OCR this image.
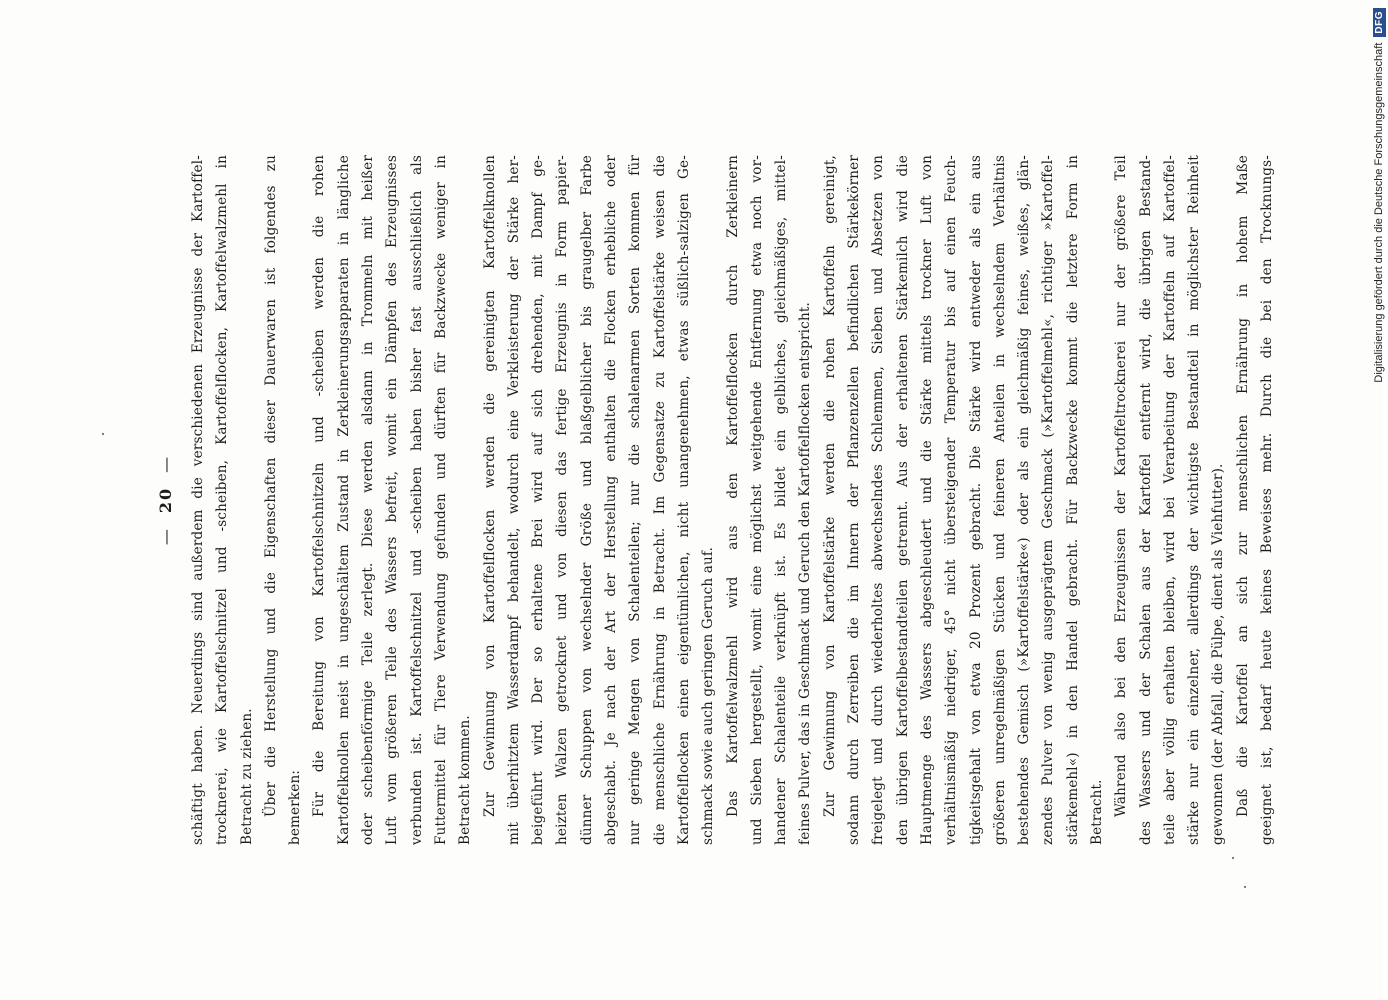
—
20
— schäftigt haben. Neuerdings sind außerdem die verschiedenen Erzeugnisse der Kartoffel- trocknerei, wie Kartoffelschnitzel und -scheiben, Kartoffelflocken, Kartoffelwalzmehl in Betracht zu ziehen. Über die Herstellung und die Eigenschaften dieser Dauerwaren ist folgendes zu bemerken: Für die Bereitung von Kartoffelschnitzeln und -scheiben werden die rohen Kartoffelknollen meist in ungeschältem Zustand in Zerkleinerungsapparaten in längliche oder scheibenförmige Teile zerlegt. Diese werden alsdann in Trommeln mit heißer Luft vom größeren Teile des Wassers befreit, womit ein Dämpfen des Erzeugnisses verbunden ist. Kartoffelschnitzel und -scheiben haben bisher fast ausschließlich als Futtermittel für Tiere Verwendung gefunden und dürften für Backzwecke weniger in Betracht kommen. Zur Gewinnung von Kartoffelflocken werden die gereinigten Kartoffelknollen mit überhitztem Wasserdampf behandelt, wodurch eine Verkleisterung der Stärke her- beigeführt wird. Der so erhaltene Brei wird auf sich drehenden, mit Dampf ge- heizten Walzen getrocknet und von diesen das fertige Erzeugnis in Form papier- dünner Schuppen von wechselnder Größe und blaßgelblicher bis graugelber Farbe abgeschabt. Je nach der Art der Herstellung enthalten die Flocken erhebliche oder nur geringe Mengen von Schalenteilen; nur die schalenarmen Sorten kommen für die menschliche Ernährung in Betracht. Im Gegensatze zu Kartoffelstärke weisen die Kartoffelflocken einen eigentümlichen, nicht unangenehmen, etwas süßlich-salzigen Ge- schmack sowie auch geringen Geruch auf. Das Kartoffelwalzmehl wird aus den Kartoffelflocken durch Zerkleinern und Sieben hergestellt, womit eine möglichst weitgehende Entfernung etwa noch vor- handener Schalenteile verknüpft ist. Es bildet ein gelbliches, gleichmäßiges, mittel- feines Pulver, das in Geschmack und Geruch den Kartoffelflocken entspricht. Zur Gewinnung von Kartoffelstärke werden die rohen Kartoffeln gereinigt, sodann durch Zerreiben die im Innern der Pflanzenzellen befindlichen Stärkekörner freigelegt und durch wiederholtes abwechselndes Schlemmen, Sieben und Absetzen von den übrigen Kartoffelbestandteilen getrennt. Aus der erhaltenen Stärkemilch wird die Hauptmenge des Wassers abgeschleudert und die Stärke mittels trockner Luft von verhältnismäßig niedriger, 45° nicht übersteigender Temperatur bis auf einen Feuch- tigkeitsgehalt von etwa 20 Prozent gebracht. Die Stärke wird entweder als ein aus größeren unregelmäßigen Stücken und feineren Anteilen in wechselndem Verhältnis bestehendes Gemisch (»Kartoffelstärke«) oder als ein gleichmäßig feines, weißes, glän- zendes Pulver von wenig ausgeprägtem Geschmack (»Kartoffelmehl«, richtiger »Kartoffel- stärkemehl«) in den Handel gebracht. Für Backzwecke kommt die letztere Form in Betracht. Während also bei den Erzeugnissen der Kartoffeltrocknerei nur der größere Teil des Wassers und der Schalen aus der Kartoffel entfernt wird, die übrigen Bestand- teile aber völlig erhalten bleiben, wird bei Verarbeitung der Kartoffeln auf Kartoffel- stärke nur ein einzelner, allerdings der wichtigste Bestandteil in möglichster Reinheit gewonnen (der Abfall, die Pülpe, dient als Viehfutter). Daß die Kartoffel an sich zur menschlichen Ernährung in hohem Maße geeignet ist, bedarf heute keines Beweises mehr. Durch die bei den Trocknungs-	Digitalisierung gefördert durch die Deutsche Forschungsgemeinschaft
DFG
